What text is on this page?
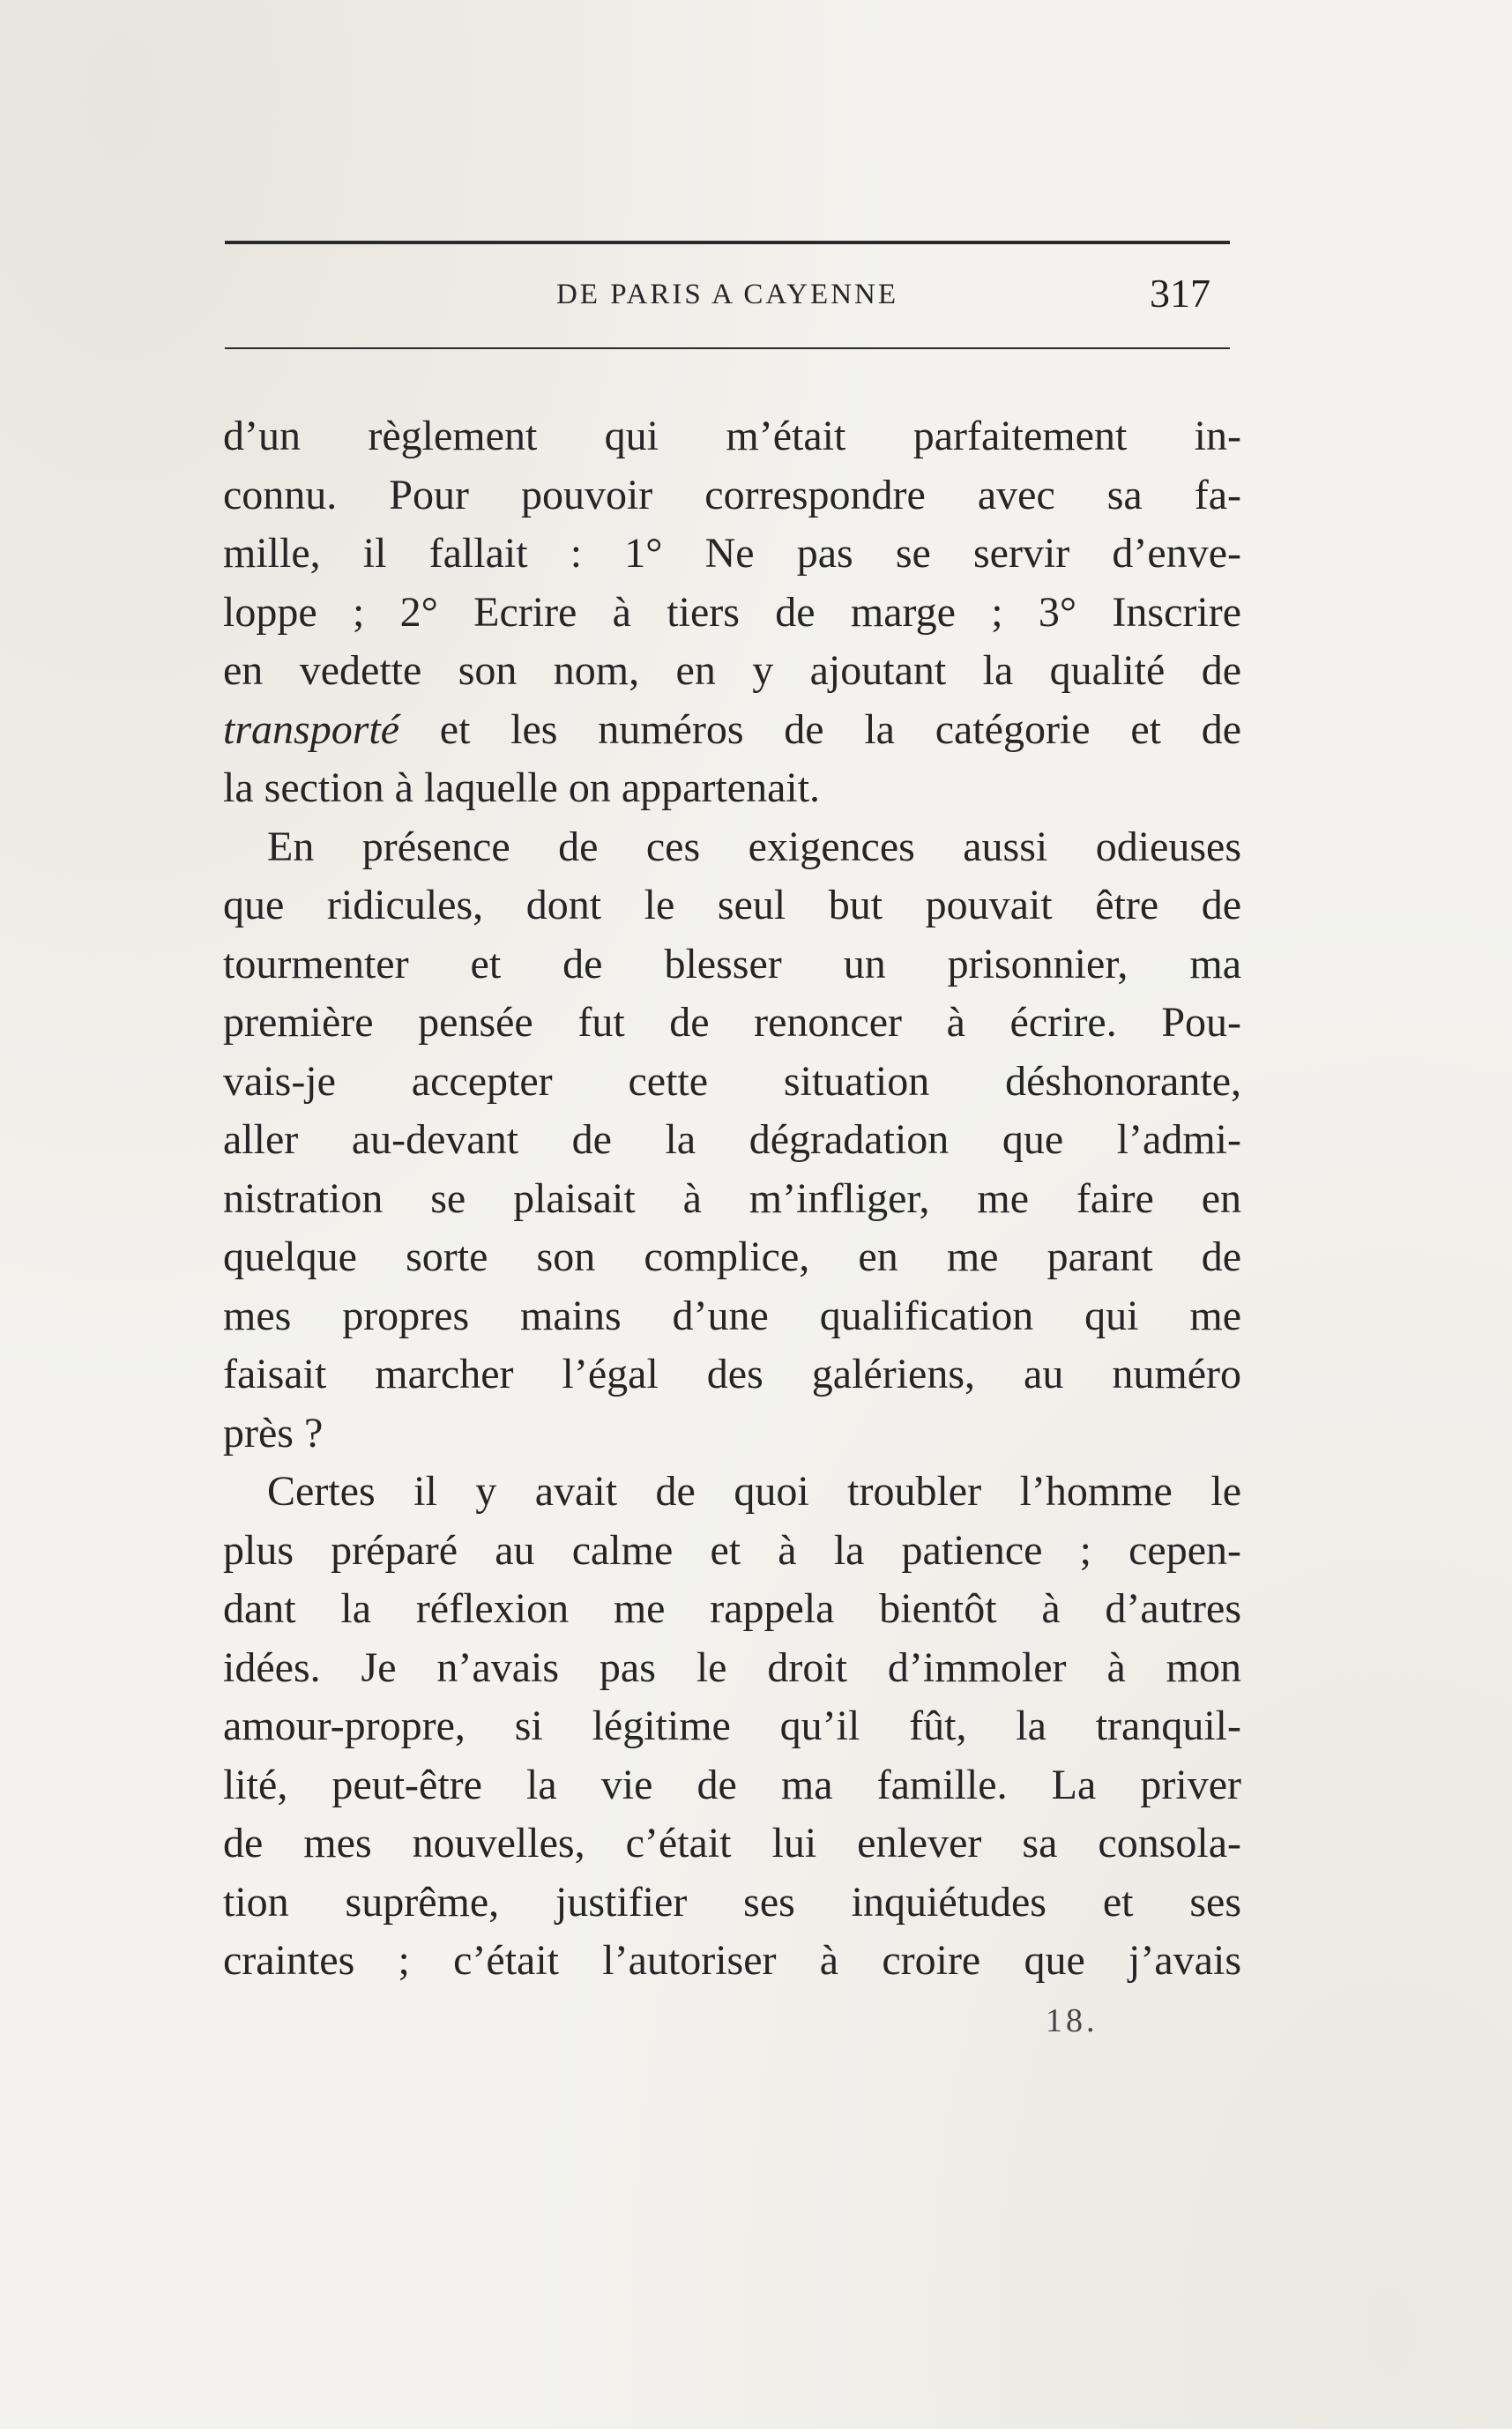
DE PARIS A CAYENNE	317
d’un règlement qui m’était parfaitement in-
connu. Pour pouvoir correspondre avec sa fa-
mille, il fallait : 1° Ne pas se servir d’enve-
loppe ; 2° Ecrire à tiers de marge ; 3° Inscrire
en vedette son nom, en y ajoutant la qualité de
transporté et les numéros de la catégorie et de
la section à laquelle on appartenait.
En présence de ces exigences aussi odieuses
que ridicules, dont le seul but pouvait être de
tourmenter et de blesser un prisonnier, ma
première pensée fut de renoncer à écrire. Pou-
vais-je accepter cette situation déshonorante,
aller au-devant de la dégradation que l’admi-
nistration se plaisait à m’infliger, me faire en
quelque sorte son complice, en me parant de
mes propres mains d’une qualification qui me
faisait marcher l’égal des galériens, au numéro
près ?
Certes il y avait de quoi troubler l’homme le
plus préparé au calme et à la patience ; cepen-
dant la réflexion me rappela bientôt à d’autres
idées. Je n’avais pas le droit d’immoler à mon
amour-propre, si légitime qu’il fût, la tranquil-
lité, peut-être la vie de ma famille. La priver
de mes nouvelles, c’était lui enlever sa consola-
tion suprême, justifier ses inquiétudes et ses
craintes ; c’était l’autoriser à croire que j’avais
18.
